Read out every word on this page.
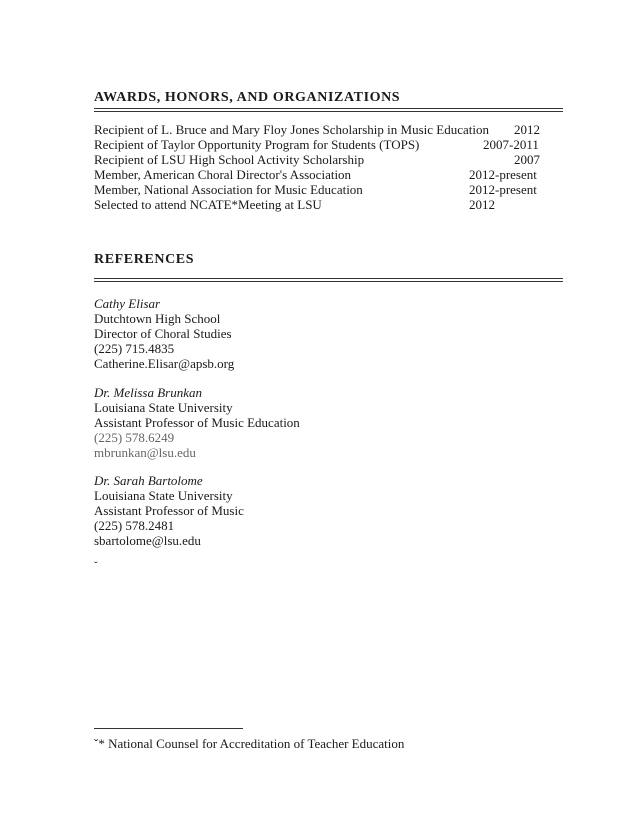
AWARDS, HONORS, AND ORGANIZATIONS
Recipient of L. Bruce and Mary Floy Jones Scholarship in Music Education 2012
Recipient of Taylor Opportunity Program for Students (TOPS)	2007-2011
Recipient of LSU High School Activity Scholarship	2007
Member, American Choral Director's Association	2012-present
Member, National Association for Music Education	2012-present
Selected to attend NCATE*Meeting at LSU	2012
REFERENCES
Cathy Elisar
Dutchtown High School
Director of Choral Studies
(225) 715.4835
Catherine.Elisar@apsb.org
Dr. Melissa Brunkan
Louisiana State University
Assistant Professor of Music Education
(225) 578.6249
mbrunkan@lsu.edu
Dr. Sarah Bartolome
Louisiana State University
Assistant Professor of Music
(225) 578.2481
sbartolome@lsu.edu
ˇ
ˇ* National Counsel for Accreditation of Teacher Education
